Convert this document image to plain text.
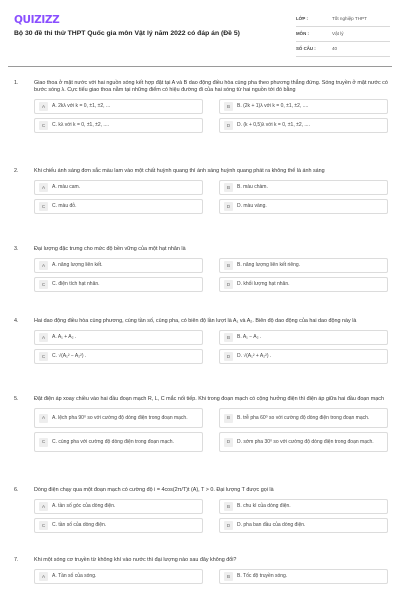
QUIZIZZ
Bộ 30 đề thi thử THPT Quốc gia môn Vật lý năm 2022 có đáp án (Đề 5)
LỚP :	Tốt nghiệp THPT
MÔN :	Vật lý
SỐ CÂU :	40
1.	Giao thoa ở mặt nước với hai nguồn sóng kết hợp đặt tại A và B dao động điều hòa cùng pha theo phương thẳng đứng. Sóng truyền ở mặt nước có bước sóng λ. Cực tiểu giao thoa nằm tại những điểm có hiệu đường đi của hai sóng từ hai nguồn tới đó bằng
A	A. 2kλ với k = 0, ±1, ±2, ...	B	B. (2k + 1)λ với k = 0, ±1, ±2, ....
C	C. kλ với k = 0, ±1, ±2, ....	D	D. (k + 0,5)λ với k = 0, ±1, ±2, ....
2.	Khi chiếu ánh sáng đơn sắc màu lam vào một chất huỳnh quang thì ánh sáng huỳnh quang phát ra không thể là ánh sáng
A	A. màu cam.	B	B. màu chàm.
C	C. màu đỏ.	D	D. màu vàng.
3.	Đại lượng đặc trưng cho mức độ bền vững của một hạt nhân là
A	A. năng lượng liên kết.	B	B. năng lượng liên kết riêng.
C	C. điện tích hạt nhân.	D	D. khối lượng hạt nhân.
4.	Hai dao động điều hòa cùng phương, cùng tần số, cùng pha, có biên độ lần lượt là A₁ và A₂. Biên độ dao động của hai dao động này là
A	A. A₁ + A₂ .	B	B. A₁ − A₂ .
C	C. √(A₁² − A₂²) .	D	D. √(A₁² + A₂²) .
5.	Đặt điện áp xoay chiều vào hai đầu đoạn mạch R, L, C mắc nối tiếp. Khi trong đoạn mạch có cộng hưởng điện thì điện áp giữa hai đầu đoạn mạch
A	A. lệch pha 90⁰ so với cường độ dòng điện trong đoạn mạch.	B	B. trễ pha 60⁰ so với cường độ dòng điện trong đoạn mạch.
C	C. cùng pha với cường độ dòng điện trong đoạn mạch.	D	D. sớm pha 30⁰ so với cường độ dòng điện trong đoạn mạch.
6.	Dòng điện chạy qua một đoạn mạch có cường độ i = 4cos(2π/T)t (A), T > 0. Đại lượng T được gọi là
A	A. tần số góc của dòng điện.	B	B. chu kì của dòng điện.
C	C. tần số của dòng điện.	D	D. pha ban đầu của dòng điện.
7.	Khi một sóng cơ truyền từ không khí vào nước thì đại lượng nào sau đây không đổi?
A	A. Tần số của sóng.	B	B. Tốc độ truyền sóng.
